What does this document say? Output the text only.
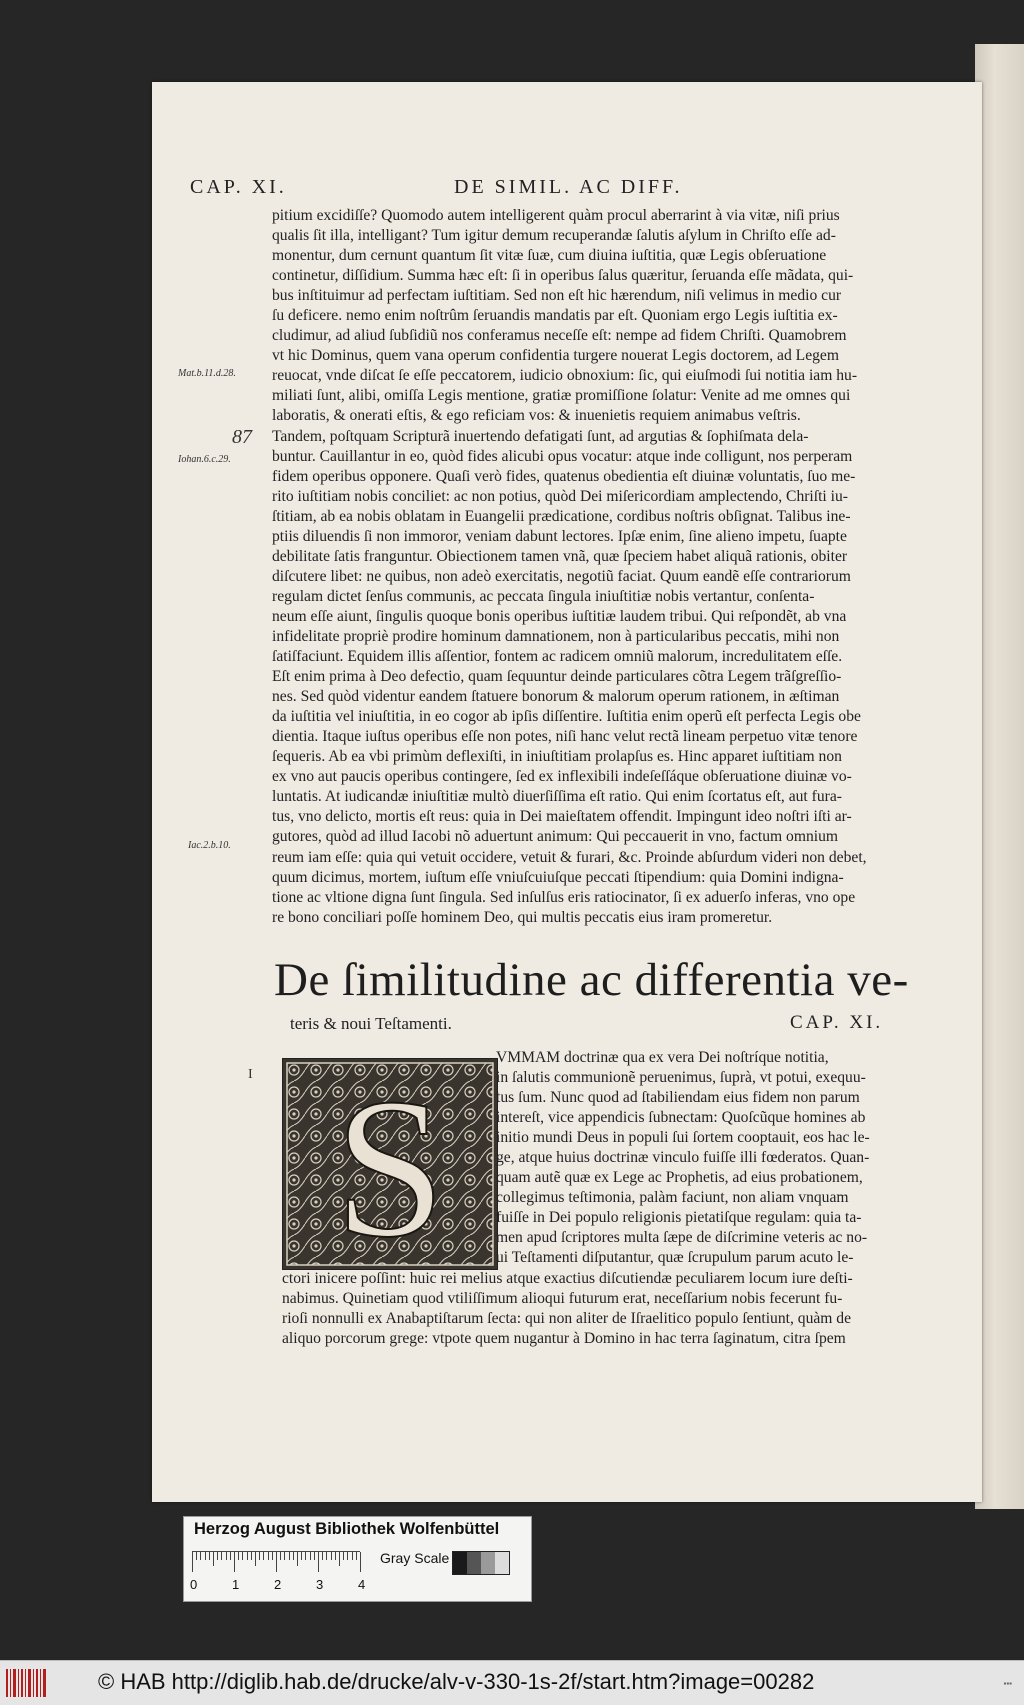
CAP. XI.	DE SIMIL. AC DIFF.
pitium excidiſſe? Quomodo autem intelligerent quàm procul aberrarint à via vitæ, niſi prius
qualis ſit illa, intelligant? Tum igitur demum recuperandæ ſalutis aſylum in Chriſto eſſe ad-
monentur, dum cernunt quantum ſit vitæ ſuæ, cum diuina iuſtitia, quæ Legis obſeruatione
continetur, diſſidium. Summa hæc eſt: ſi in operibus ſalus quæritur, ſeruanda eſſe mãdata, qui-
bus inſtituimur ad perfectam iuſtitiam. Sed non eſt hic hærendum, niſi velimus in medio cur
ſu deficere. nemo enim noſtrûm ſeruandis mandatis par eſt. Quoniam ergo Legis iuſtitia ex-
cludimur, ad aliud ſubſidiũ nos conferamus neceſſe eſt: nempe ad fidem Chriſti. Quamobrem
vt hic Dominus, quem vana operum confidentia turgere nouerat Legis doctorem, ad Legem
reuocat, vnde diſcat ſe eſſe peccatorem, iudicio obnoxium: ſic, qui eiuſmodi ſui notitia iam hu-
miliati ſunt, alibi, omiſſa Legis mentione, gratiæ promiſſione ſolatur: Venite ad me omnes qui
laboratis, & onerati eſtis, & ego reficiam vos: & inuenietis requiem animabus veſtris.
Tandem, poſtquam Scripturã inuertendo defatigati ſunt, ad argutias & ſophiſmata dela-
buntur. Cauillantur in eo, quòd fides alicubi opus vocatur: atque inde colligunt, nos perperam
fidem operibus opponere. Quaſi verò fides, quatenus obedientia eſt diuinæ voluntatis, ſuo me-
rito iuſtitiam nobis conciliet: ac non potius, quòd Dei miſericordiam amplectendo, Chriſti iu-
ſtitiam, ab ea nobis oblatam in Euangelii prædicatione, cordibus noſtris obſignat. Talibus ine-
ptiis diluendis ſi non immoror, veniam dabunt lectores. Ipſæ enim, ſine alieno impetu, ſuapte
debilitate ſatis franguntur. Obiectionem tamen vnã, quæ ſpeciem habet aliquã rationis, obiter
diſcutere libet: ne quibus, non adeò exercitatis, negotiũ faciat. Quum eandẽ eſſe contrariorum
regulam dictet ſenſus communis, ac peccata ſingula iniuſtitiæ nobis vertantur, conſenta-
neum eſſe aiunt, ſingulis quoque bonis operibus iuſtitiæ laudem tribui. Qui reſpondẽt, ab vna
infidelitate propriè prodire hominum damnationem, non à particularibus peccatis, mihi non
ſatiſfaciunt. Equidem illis aſſentior, fontem ac radicem omniũ malorum, incredulitatem eſſe.
Eſt enim prima à Deo defectio, quam ſequuntur deinde particulares cõtra Legem trãſgreſſio-
nes. Sed quòd videntur eandem ſtatuere bonorum & malorum operum rationem, in æſtiman
da iuſtitia vel iniuſtitia, in eo cogor ab ipſis diſſentire. Iuſtitia enim operũ eſt perfecta Legis obe
dientia. Itaque iuſtus operibus eſſe non potes, niſi hanc velut rectã lineam perpetuo vitæ tenore
ſequeris. Ab ea vbi primùm deflexiſti, in iniuſtitiam prolapſus es. Hinc apparet iuſtitiam non
ex vno aut paucis operibus contingere, ſed ex inflexibili indeſeſſáque obſeruatione diuinæ vo-
luntatis. At iudicandæ iniuſtitiæ multò diuerſiſſima eſt ratio. Qui enim ſcortatus eſt, aut fura-
tus, vno delicto, mortis eſt reus: quia in Dei maieſtatem offendit. Impingunt ideo noſtri iſti ar-
gutores, quòd ad illud Iacobi nõ aduertunt animum: Qui peccauerit in vno, factum omnium
reum iam eſſe: quia qui vetuit occidere, vetuit & furari, &c. Proinde abſurdum videri non debet,
quum dicimus, mortem, iuſtum eſſe vniuſcuiuſque peccati ſtipendium: quia Domini indigna-
tione ac vltione digna ſunt ſingula. Sed inſulſus eris ratiocinator, ſi ex aduerſo inferas, vno ope
re bono conciliari poſſe hominem Deo, qui multis peccatis eius iram promeretur.
Mat.b.11.d.28.
87
Iohan.6.c.29.
Iac.2.b.10.
De ſimilitudine ac differentia ve-
teris & noui Teſtamenti.	CAP. XI.
I S
VMMAM doctrinæ qua ex vera Dei noſtríque notitia,
in ſalutis communionẽ peruenimus, ſuprà, vt potui, exequu-
tus ſum. Nunc quod ad ſtabiliendam eius fidem non parum
intereſt, vice appendicis ſubnectam: Quoſcũque homines ab
initio mundi Deus in populi ſui ſortem cooptauit, eos hac le-
ge, atque huius doctrinæ vinculo fuiſſe illi fœderatos. Quan-
quam autẽ quæ ex Lege ac Prophetis, ad eius probationem,
collegimus teſtimonia, palàm faciunt, non aliam vnquam
fuiſſe in Dei populo religionis pietatiſque regulam: quia ta-
men apud ſcriptores multa ſæpe de diſcrimine veteris ac no-
ui Teſtamenti diſputantur, quæ ſcrupulum parum acuto le-
ctori inicere poſſint: huic rei melius atque exactius diſcutiendæ peculiarem locum iure deſti-
nabimus. Quinetiam quod vtiliſſimum alioqui futurum erat, neceſſarium nobis fecerunt fu-
rioſi nonnulli ex Anabaptiſtarum ſecta: qui non aliter de Iſraelitico populo ſentiunt, quàm de
aliquo porcorum grege: vtpote quem nugantur à Domino in hac terra ſaginatum, citra ſpem
Herzog August Bibliothek Wolfenbüttel
Gray Scale
0	1	2	3	4
© HAB http://diglib.hab.de/drucke/alv-v-330-1s-2f/start.htm?image=00282	▪▪▪
